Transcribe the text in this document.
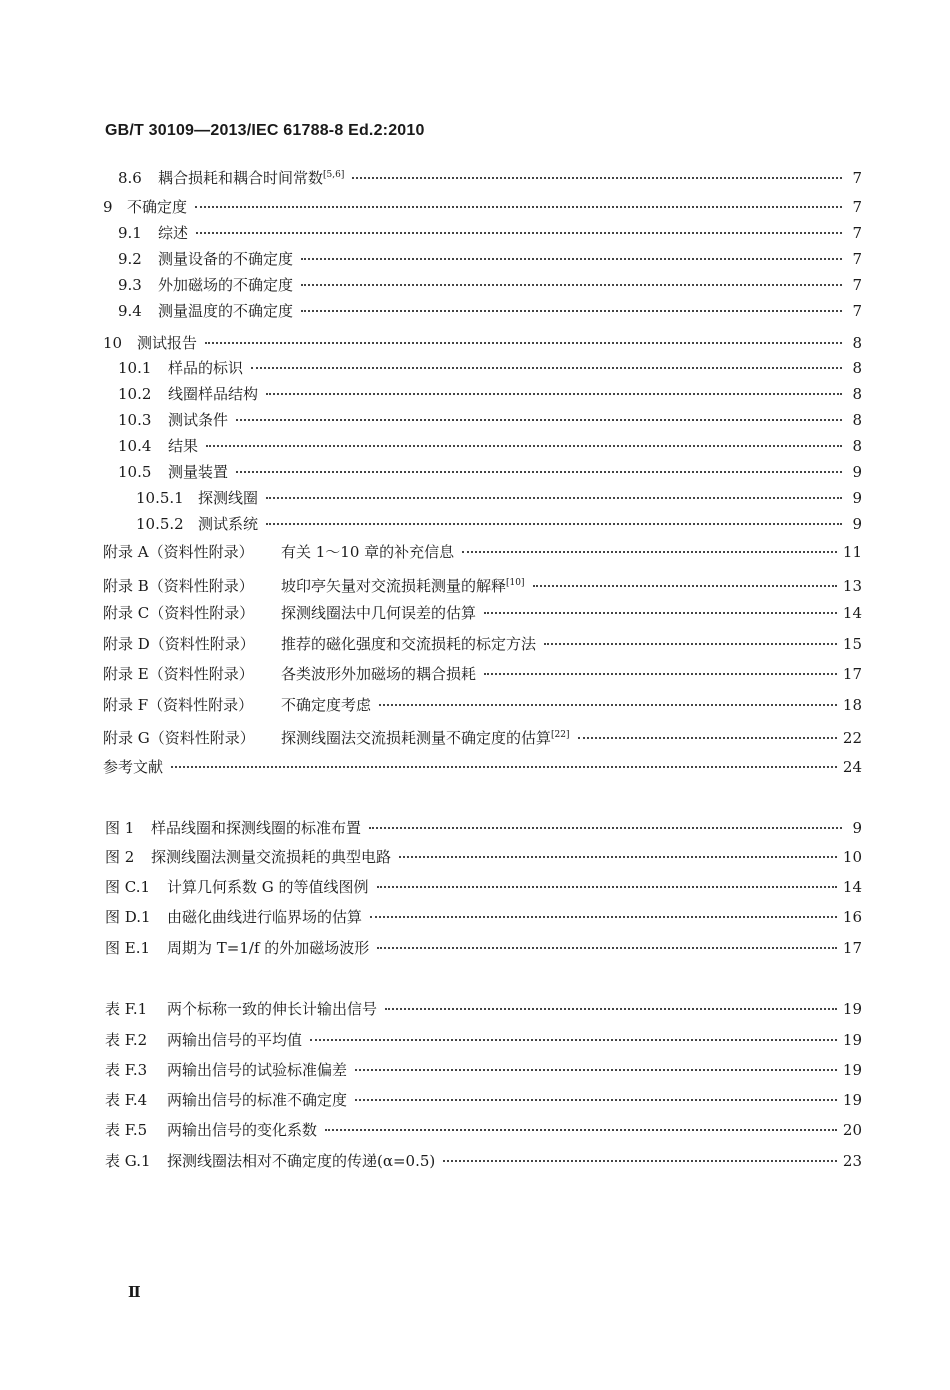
GB/T 30109—2013/IEC 61788-8 Ed.2:2010
8.6	耦合损耗和耦合时间常数[5,6]	7
9 不确定度	7
9.1	综述	7
9.2	测量设备的不确定度	7
9.3	外加磁场的不确定度	7
9.4	测量温度的不确定度	7
10 测试报告	8
10.1	样品的标识	8
10.2	线圈样品结构	8
10.3	测试条件	8
10.4	结果	8
10.5	测量装置	9
10.5.1 探测线圈	9
10.5.2 测试系统	9
附录 A（资料性附录）	有关 1～10 章的补充信息	11
附录 B（资料性附录）	坡印亭矢量对交流损耗测量的解释[10]	13
附录 C（资料性附录）	探测线圈法中几何误差的估算	14
附录 D（资料性附录）	推荐的磁化强度和交流损耗的标定方法	15
附录 E（资料性附录）	各类波形外加磁场的耦合损耗	17
附录 F（资料性附录）	不确定度考虑	18
附录 G（资料性附录）	探测线圈法交流损耗测量不确定度的估算[22]	22
参考文献	24
图 1	样品线圈和探测线圈的标准布置	9
图 2	探测线圈法测量交流损耗的典型电路	10
图 C.1	计算几何系数 G 的等值线图例	14
图 D.1	由磁化曲线进行临界场的估算	16
图 E.1	周期为 T=1/f 的外加磁场波形	17
表 F.1	两个标称一致的伸长计输出信号	19
表 F.2	两输出信号的平均值	19
表 F.3	两输出信号的试验标准偏差	19
表 F.4	两输出信号的标准不确定度	19
表 F.5	两输出信号的变化系数	20
表 G.1	探测线圈法相对不确定度的传递(α=0.5)	23
Ⅱ
